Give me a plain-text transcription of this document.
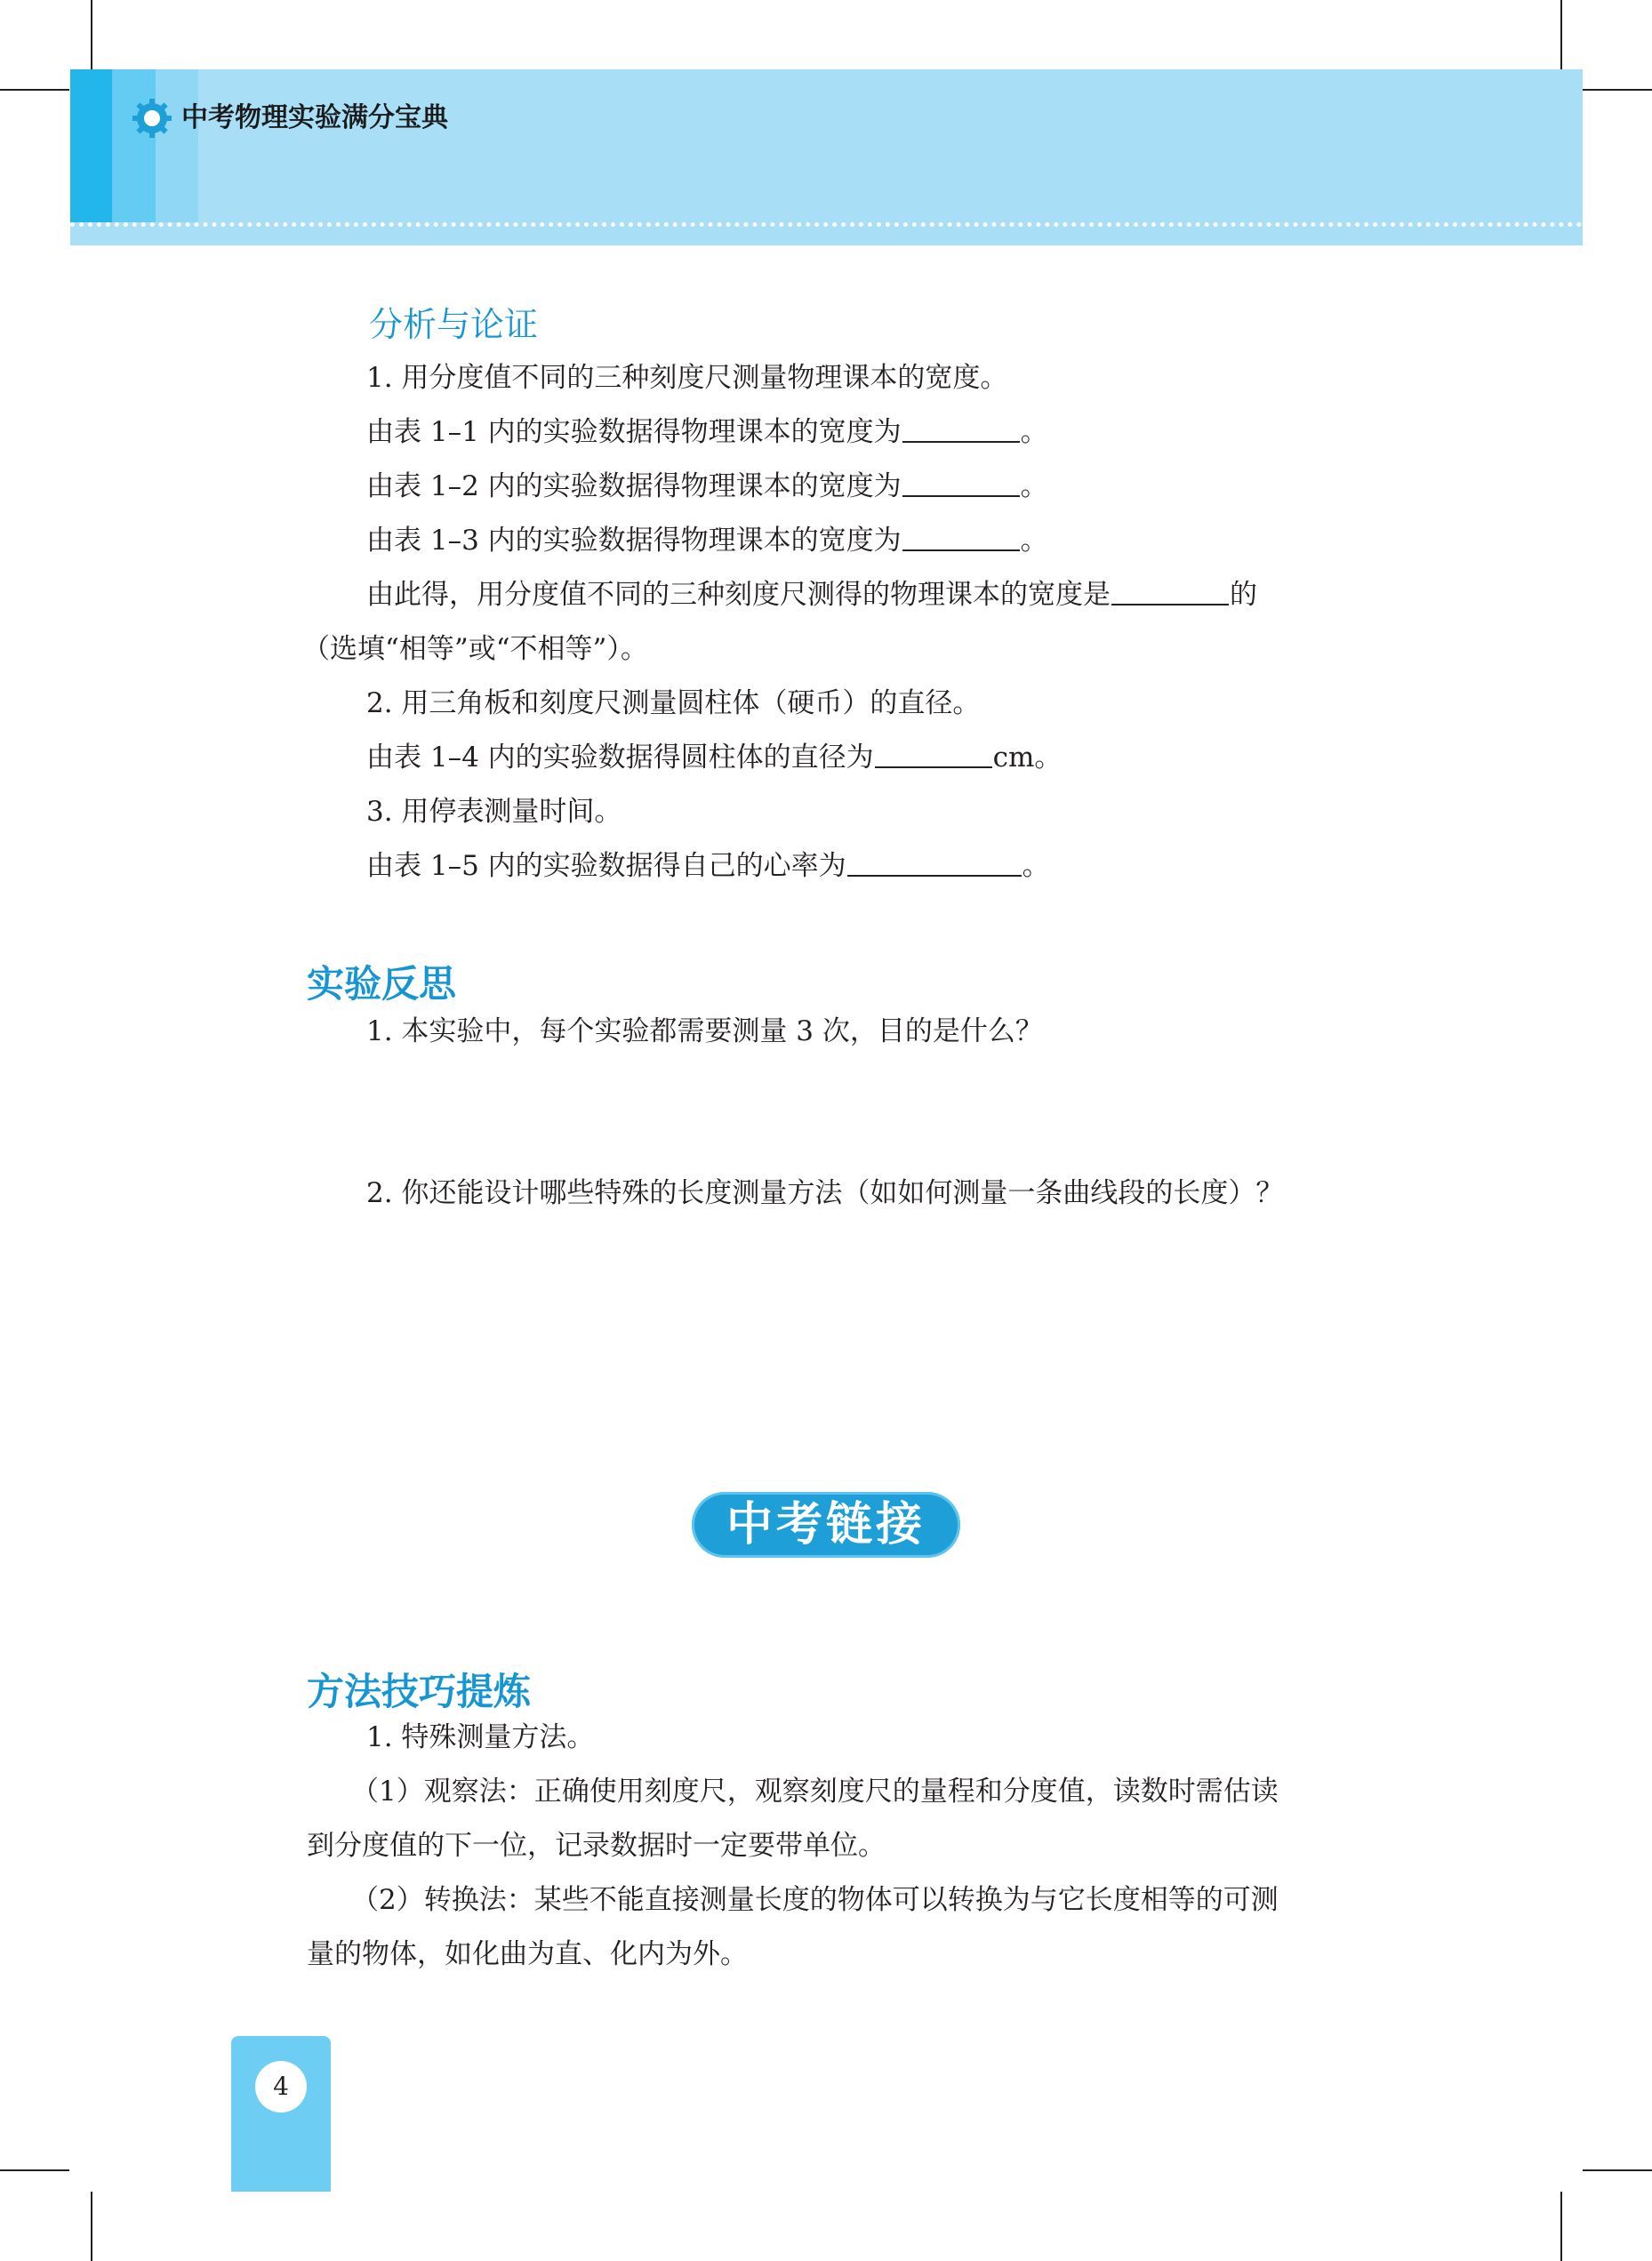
中考物理实验满分宝典
分析与论证
1. 用分度值不同的三种刻度尺测量物理课本的宽度。
由表 1–1 内的实验数据得物理课本的宽度为	。
由表 1–2 内的实验数据得物理课本的宽度为	。
由表 1–3 内的实验数据得物理课本的宽度为	。
由此得，用分度值不同的三种刻度尺测得的物理课本的宽度是	的
（选填“相等”或“不相等”）。
2. 用三角板和刻度尺测量圆柱体（硬币）的直径。
由表 1–4 内的实验数据得圆柱体的直径为	cm。
3. 用停表测量时间。
由表 1–5 内的实验数据得自己的心率为	。
实验反思
1. 本实验中，每个实验都需要测量 3 次，目的是什么？
2. 你还能设计哪些特殊的长度测量方法（如如何测量一条曲线段的长度）？
中考链接
方法技巧提炼
1. 特殊测量方法。
（1）观察法：正确使用刻度尺，观察刻度尺的量程和分度值，读数时需估读
到分度值的下一位，记录数据时一定要带单位。
（2）转换法：某些不能直接测量长度的物体可以转换为与它长度相等的可测
量的物体，如化曲为直、化内为外。
4
